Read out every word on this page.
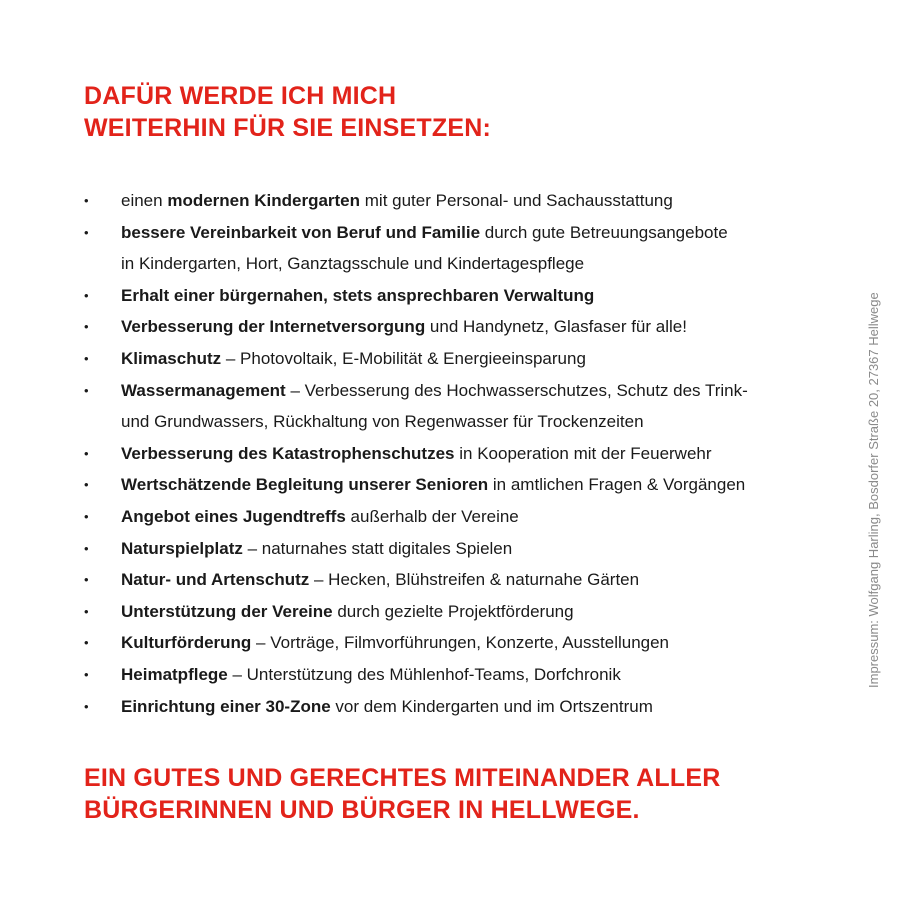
DAFÜR WERDE ICH MICH
WEITERHIN FÜR SIE EINSETZEN:
• einen modernen Kindergarten mit guter Personal- und Sachausstattung
• bessere Vereinbarkeit von Beruf und Familie durch gute Betreuungsangebote
in Kindergarten, Hort, Ganztagsschule und Kindertagespflege
• Erhalt einer bürgernahen, stets ansprechbaren Verwaltung
• Verbesserung der Internetversorgung und Handynetz, Glasfaser für alle!
• Klimaschutz – Photovoltaik, E-Mobilität & Energieeinsparung
• Wassermanagement – Verbesserung des Hochwasserschutzes, Schutz des Trink-
und Grundwassers, Rückhaltung von Regenwasser für Trockenzeiten
• Verbesserung des Katastrophenschutzes in Kooperation mit der Feuerwehr
• Wertschätzende Begleitung unserer Senioren in amtlichen Fragen & Vorgängen
• Angebot eines Jugendtreffs außerhalb der Vereine
• Naturspielplatz – naturnahes statt digitales Spielen
• Natur- und Artenschutz – Hecken, Blühstreifen & naturnahe Gärten
• Unterstützung der Vereine durch gezielte Projektförderung
• Kulturförderung – Vorträge, Filmvorführungen, Konzerte, Ausstellungen
• Heimatpflege – Unterstützung des Mühlenhof-Teams, Dorfchronik
• Einrichtung einer 30-Zone vor dem Kindergarten und im Ortszentrum
EIN GUTES UND GERECHTES MITEINANDER ALLER
BÜRGERINNEN UND BÜRGER IN HELLWEGE.
Impressum: Wolfgang Harling, Bosdorfer Straße 20, 27367 Hellwege
